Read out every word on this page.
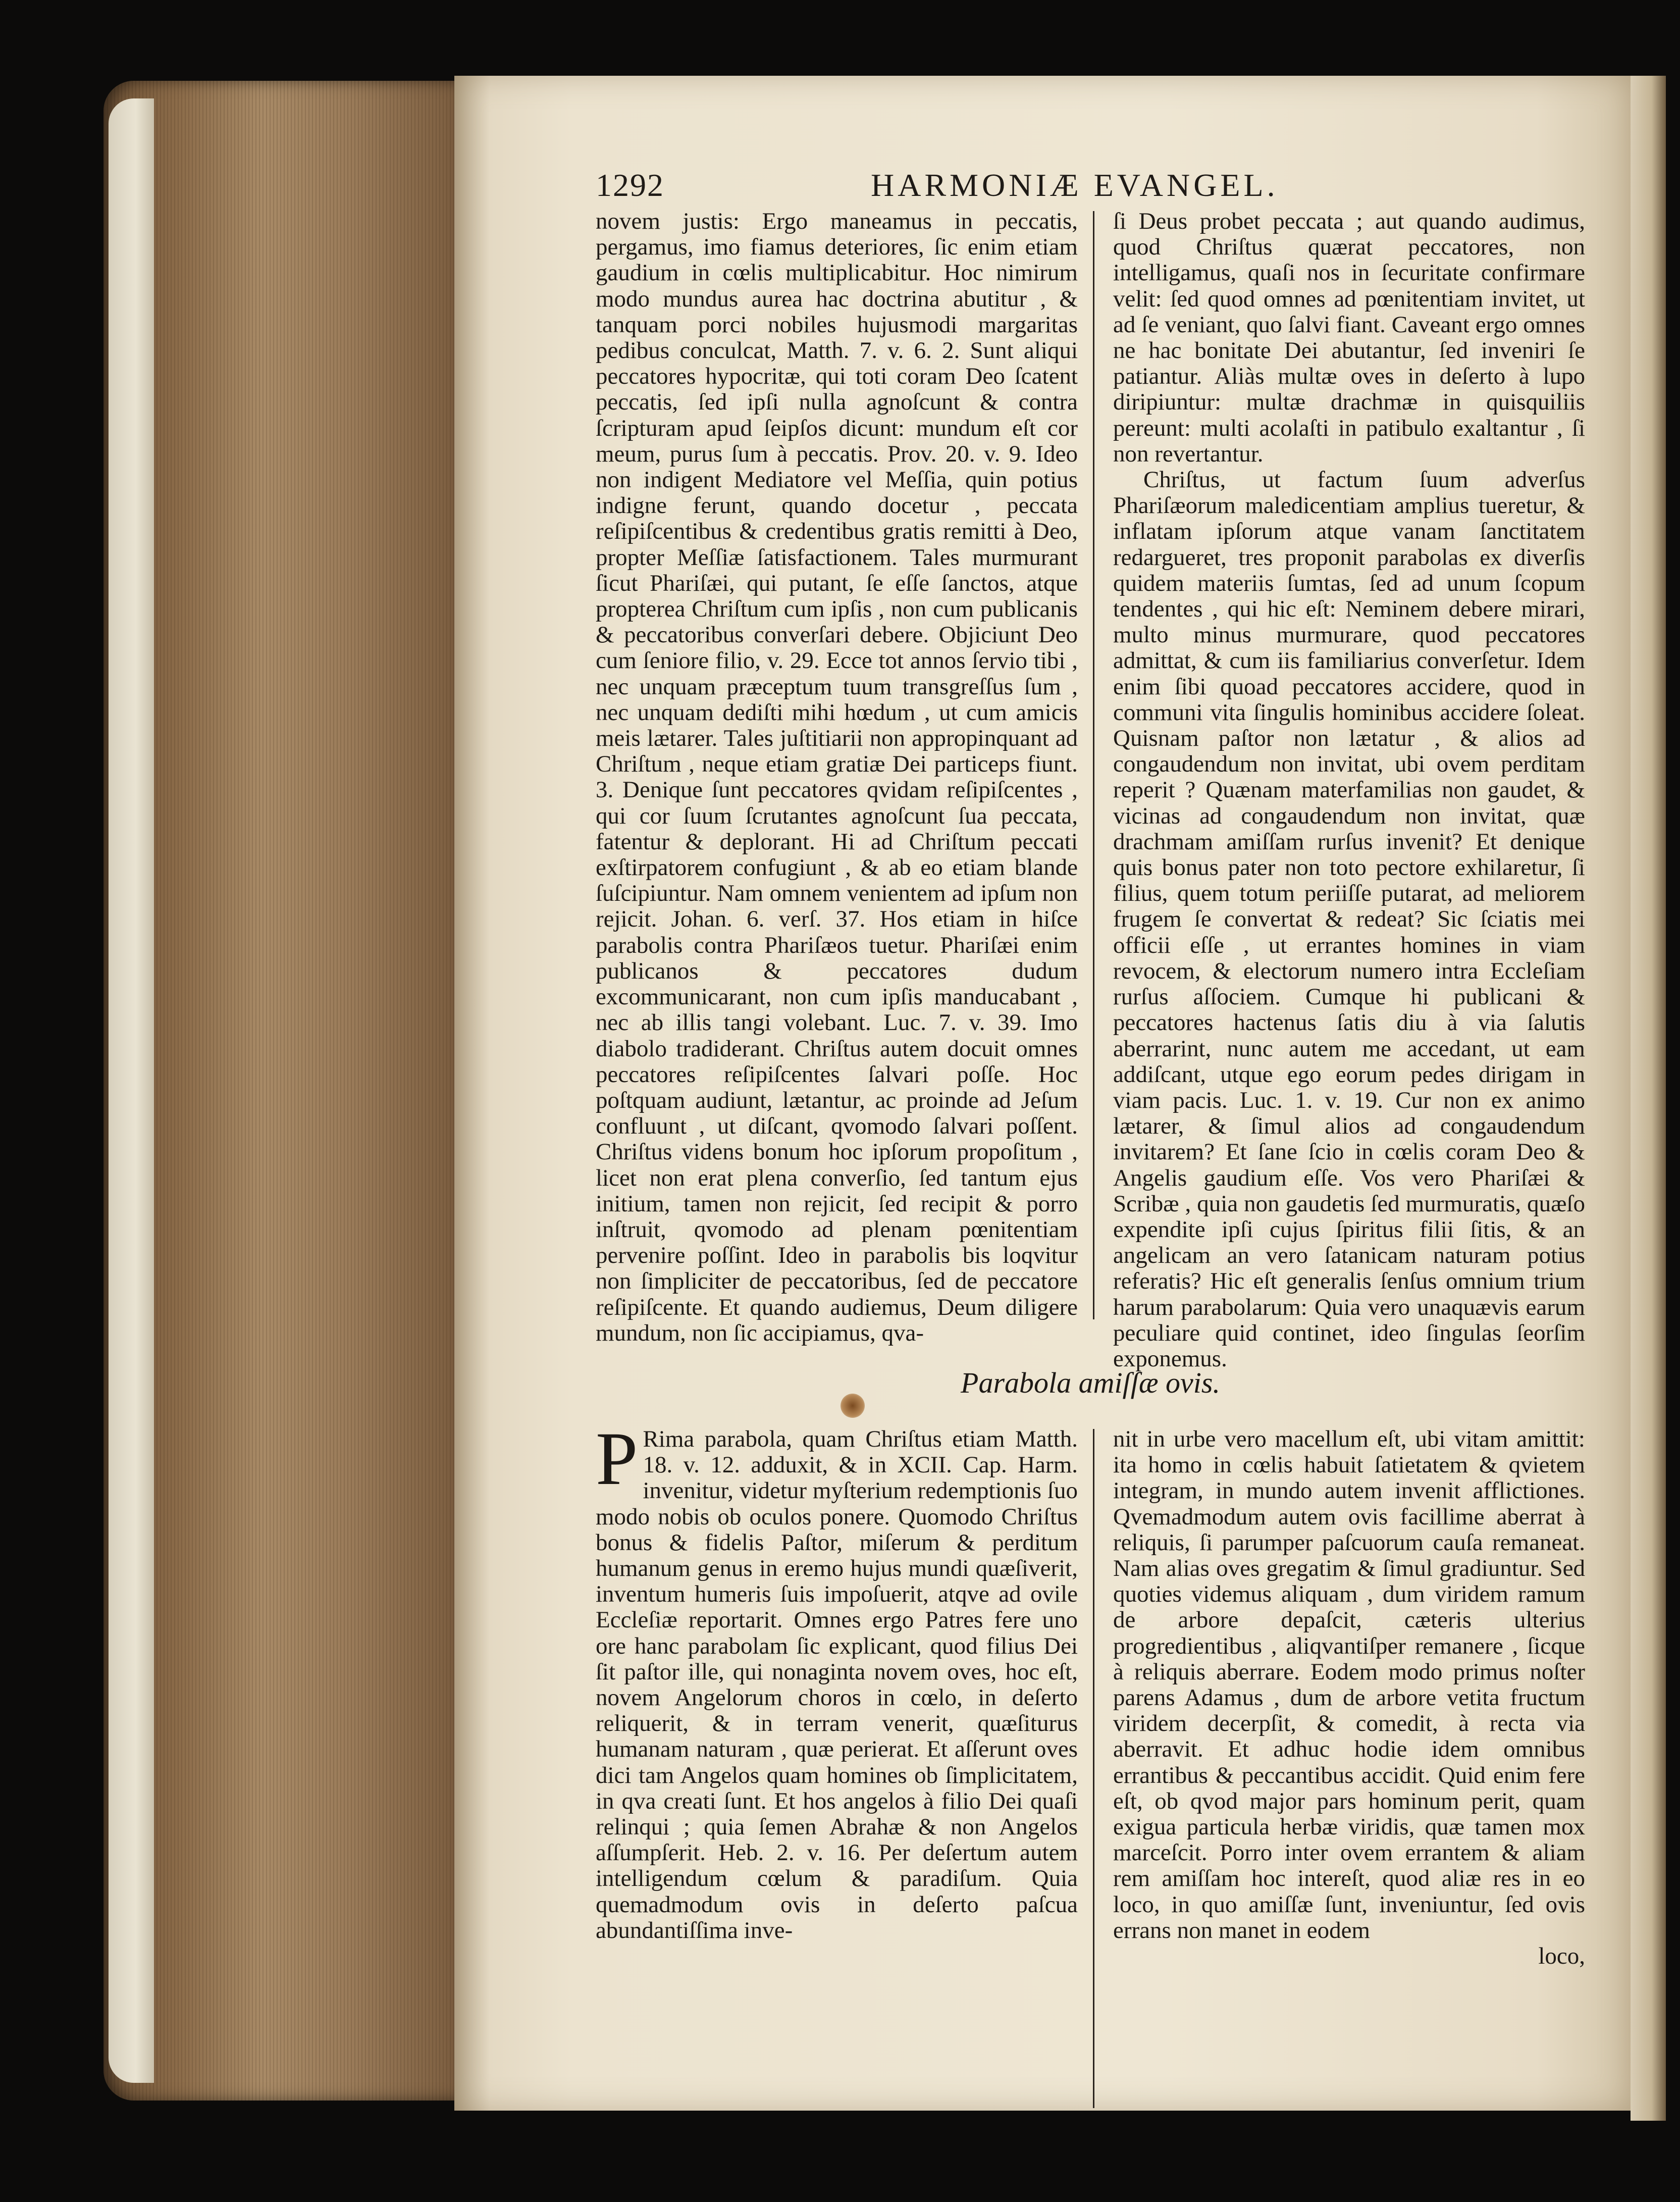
1292	HARMONIÆ EVANGEL.

novem justis: Ergo maneamus in peccatis, pergamus, imo fiamus deteriores, ſic enim etiam gaudium in cœlis multiplicabitur. Hoc nimirum modo mundus aurea hac doctrina abutitur , & tanquam porci nobiles hujusmodi margaritas pedibus conculcat, Matth. 7. v. 6. 2. Sunt aliqui peccatores hypocritæ, qui toti coram Deo ſcatent peccatis, ſed ipſi nulla agnoſcunt & contra ſcripturam apud ſeipſos dicunt: mundum eſt cor meum, purus ſum à peccatis. Prov. 20. v. 9. Ideo non indigent Mediatore vel Meſſia, quin potius indigne ferunt, quando docetur , peccata reſipiſcentibus & credentibus gratis remitti à Deo, propter Meſſiæ ſatisfactionem. Tales murmurant ſicut Phariſæi, qui putant, ſe eſſe ſanctos, atque propterea Chriſtum cum ipſis , non cum publicanis & peccatoribus converſari debere. Objiciunt Deo cum ſeniore filio, v. 29. Ecce tot annos ſervio tibi , nec unquam præceptum tuum transgreſſus ſum , nec unquam dediſti mihi hœdum , ut cum amicis meis lætarer. Tales juſtitiarii non appropinquant ad Chriſtum , neque etiam gratiæ Dei particeps fiunt. 3. Denique ſunt peccatores qvidam reſipiſcentes , qui cor ſuum ſcrutantes agnoſcunt ſua peccata, fatentur & deplorant. Hi ad Chriſtum peccati exſtirpatorem confugiunt , & ab eo etiam blande ſuſcipiuntur. Nam omnem venientem ad ipſum non rejicit. Johan. 6. verſ. 37. Hos etiam in hiſce parabolis contra Phariſæos tuetur. Phariſæi enim publicanos & peccatores dudum excommunicarant, non cum ipſis manducabant , nec ab illis tangi volebant. Luc. 7. v. 39. Imo diabolo tradiderant. Chriſtus autem docuit omnes peccatores reſipiſcentes ſalvari poſſe. Hoc poſtquam audiunt, lætantur, ac proinde ad Jeſum confluunt , ut diſcant, qvomodo ſalvari poſſent. Chriſtus videns bonum hoc ipſorum propoſitum , licet non erat plena converſio, ſed tantum ejus initium, tamen non rejicit, ſed recipit & porro inſtruit, qvomodo ad plenam pœnitentiam pervenire poſſint. Ideo in parabolis bis loqvitur non ſimpliciter de peccatoribus, ſed de peccatore reſipiſcente. Et quando audiemus, Deum diligere mundum, non ſic accipiamus, qva-

ſi Deus probet peccata ; aut quando audimus, quod Chriſtus quærat peccatores, non intelligamus, quaſi nos in ſecuritate confirmare velit: ſed quod omnes ad pœnitentiam invitet, ut ad ſe veniant, quo ſalvi fiant. Caveant ergo omnes ne hac bonitate Dei abutantur, ſed inveniri ſe patiantur. Aliàs multæ oves in deſerto à lupo diripiuntur: multæ drachmæ in quisquiliis pereunt: multi acolaſti in patibulo exaltantur , ſi non revertantur.

Chriſtus, ut factum ſuum adverſus Phariſæorum maledicentiam amplius tueretur, & inflatam ipſorum atque vanam ſanctitatem redargueret, tres proponit parabolas ex diverſis quidem materiis ſumtas, ſed ad unum ſcopum tendentes , qui hic eſt: Neminem debere mirari, multo minus murmurare, quod peccatores admittat, & cum iis familiarius converſetur. Idem enim ſibi quoad peccatores accidere, quod in communi vita ſingulis hominibus accidere ſoleat. Quisnam paſtor non lætatur , & alios ad congaudendum non invitat, ubi ovem perditam reperit ? Quænam materfamilias non gaudet, & vicinas ad congaudendum non invitat, quæ drachmam amiſſam rurſus invenit? Et denique quis bonus pater non toto pectore exhilaretur, ſi filius, quem totum periiſſe putarat, ad meliorem frugem ſe convertat & redeat? Sic ſciatis mei officii eſſe , ut errantes homines in viam revocem, & electorum numero intra Eccleſiam rurſus aſſociem. Cumque hi publicani & peccatores hactenus ſatis diu à via ſalutis aberrarint, nunc autem me accedant, ut eam addiſcant, utque ego eorum pedes dirigam in viam pacis. Luc. 1. v. 19. Cur non ex animo lætarer, & ſimul alios ad congaudendum invitarem? Et ſane ſcio in cœlis coram Deo & Angelis gaudium eſſe. Vos vero Phariſæi & Scribæ , quia non gaudetis ſed murmuratis, quæſo expendite ipſi cujus ſpiritus filii ſitis, & an angelicam an vero ſatanicam naturam potius referatis? Hic eſt generalis ſenſus omnium trium harum parabolarum: Quia vero unaquævis earum peculiare quid continet, ideo ſingulas ſeorſim exponemus.

Parabola amiſſæ ovis.

P Rima parabola, quam Chriſtus etiam Matth. 18. v. 12. adduxit, & in XCII. Cap. Harm. invenitur, videtur myſterium redemptionis ſuo modo nobis ob oculos ponere. Quomodo Chriſtus bonus & fidelis Paſtor, miſerum & perditum humanum genus in eremo hujus mundi quæſiverit, inventum humeris ſuis impoſuerit, atqve ad ovile Eccleſiæ reportarit. Omnes ergo Patres fere uno ore hanc parabolam ſic explicant, quod filius Dei ſit paſtor ille, qui nonaginta novem oves, hoc eſt, novem Angelorum choros in cœlo, in deſerto reliquerit, & in terram venerit, quæſiturus humanam naturam , quæ perierat. Et aſſerunt oves dici tam Angelos quam homines ob ſimplicitatem, in qva creati ſunt. Et hos angelos à filio Dei quaſi relinqui ; quia ſemen Abrahæ & non Angelos aſſumpſerit. Heb. 2. v. 16. Per deſertum autem intelligendum cœlum & paradiſum. Quia quemadmodum ovis in deſerto paſcua abundantiſſima inve-

nit in urbe vero macellum eſt, ubi vitam amittit: ita homo in cœlis habuit ſatietatem & qvietem integram, in mundo autem invenit afflictiones. Qvemadmodum autem ovis facillime aberrat à reliquis, ſi parumper paſcuorum cauſa remaneat. Nam alias oves gregatim & ſimul gradiuntur. Sed quoties videmus aliquam , dum viridem ramum de arbore depaſcit, cæteris ulterius progredientibus , aliqvantiſper remanere , ſicque à reliquis aberrare. Eodem modo primus noſter parens Adamus , dum de arbore vetita fructum viridem decerpſit, & comedit, à recta via aberravit. Et adhuc hodie idem omnibus errantibus & peccantibus accidit. Quid enim fere eſt, ob qvod major pars hominum perit, quam exigua particula herbæ viridis, quæ tamen mox marceſcit. Porro inter ovem errantem & aliam rem amiſſam hoc intereſt, quod aliæ res in eo loco, in quo amiſſæ ſunt, inveniuntur, ſed ovis errans non manet in eodem

loco,
